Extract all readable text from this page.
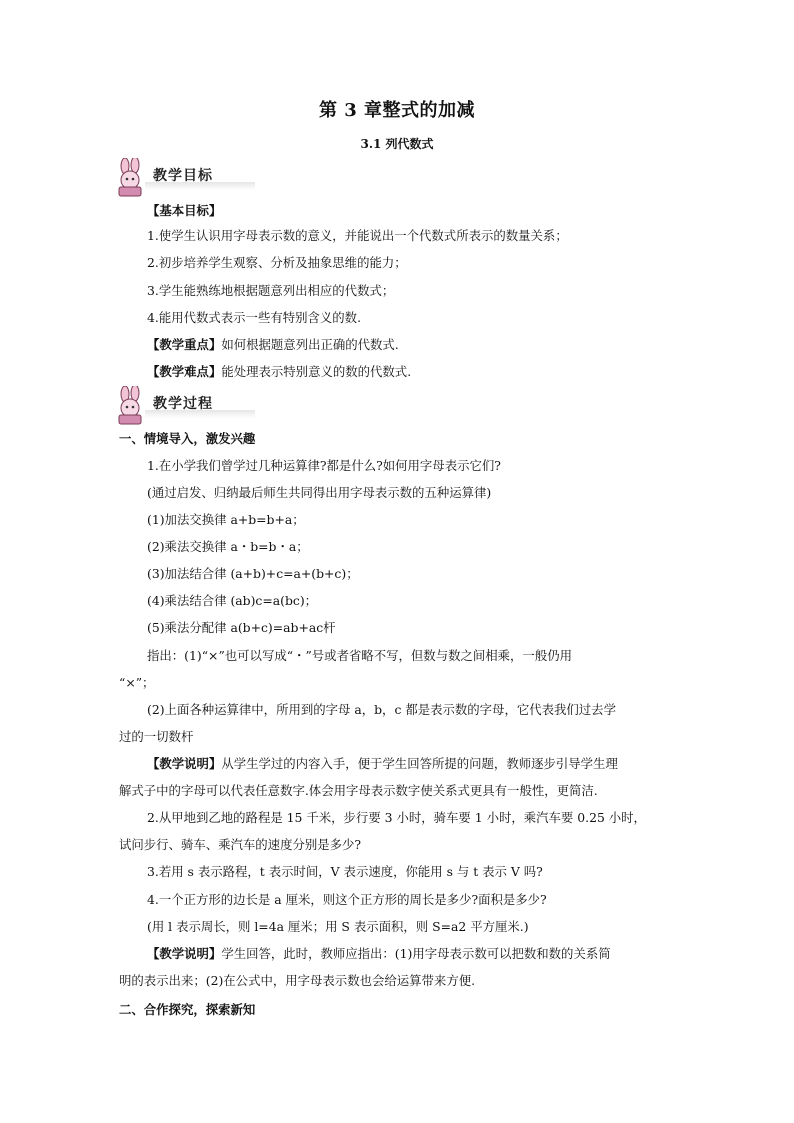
第 3 章整式的加减
3.1 列代数式
教学目标
【基本目标】
1.使学生认识用字母表示数的意义，并能说出一个代数式所表示的数量关系；
2.初步培养学生观察、分析及抽象思维的能力；
3.学生能熟练地根据题意列出相应的代数式；
4.能用代数式表示一些有特别含义的数.
【教学重点】如何根据题意列出正确的代数式.
【教学难点】能处理表示特别意义的数的代数式.
教学过程
一、情境导入，激发兴趣
1.在小学我们曾学过几种运算律?都是什么?如何用字母表示它们?
(通过启发、归纳最后师生共同得出用字母表示数的五种运算律)
(1)加法交换律 a+b=b+a；
(2)乘法交换律 a・b=b・a；
(3)加法结合律 (a+b)+c=a+(b+c)；
(4)乘法结合律 (ab)c=a(bc)；
(5)乘法分配律 a(b+c)=ab+ac杆
指出：(1)“×”也可以写成“・”号或者省略不写，但数与数之间相乘，一般仍用
“×”；
(2)上面各种运算律中，所用到的字母 a，b，c 都是表示数的字母，它代表我们过去学
过的一切数杆
【教学说明】从学生学过的内容入手，便于学生回答所提的问题，教师逐步引导学生理
解式子中的字母可以代表任意数字.体会用字母表示数字使关系式更具有一般性，更简洁.
2.从甲地到乙地的路程是 15 千米，步行要 3 小时，骑车要 1 小时，乘汽车要 0.25 小时，
试问步行、骑车、乘汽车的速度分别是多少?
3.若用 s 表示路程，t 表示时间，V 表示速度，你能用 s 与 t 表示 V 吗?
4.一个正方形的边长是 a 厘米，则这个正方形的周长是多少?面积是多少?
(用 l 表示周长，则 l=4a 厘米；用 S 表示面积，则 S=a2 平方厘米.)
【教学说明】学生回答，此时，教师应指出：(1)用字母表示数可以把数和数的关系简
明的表示出来；(2)在公式中，用字母表示数也会给运算带来方便.
二、合作探究，探索新知
